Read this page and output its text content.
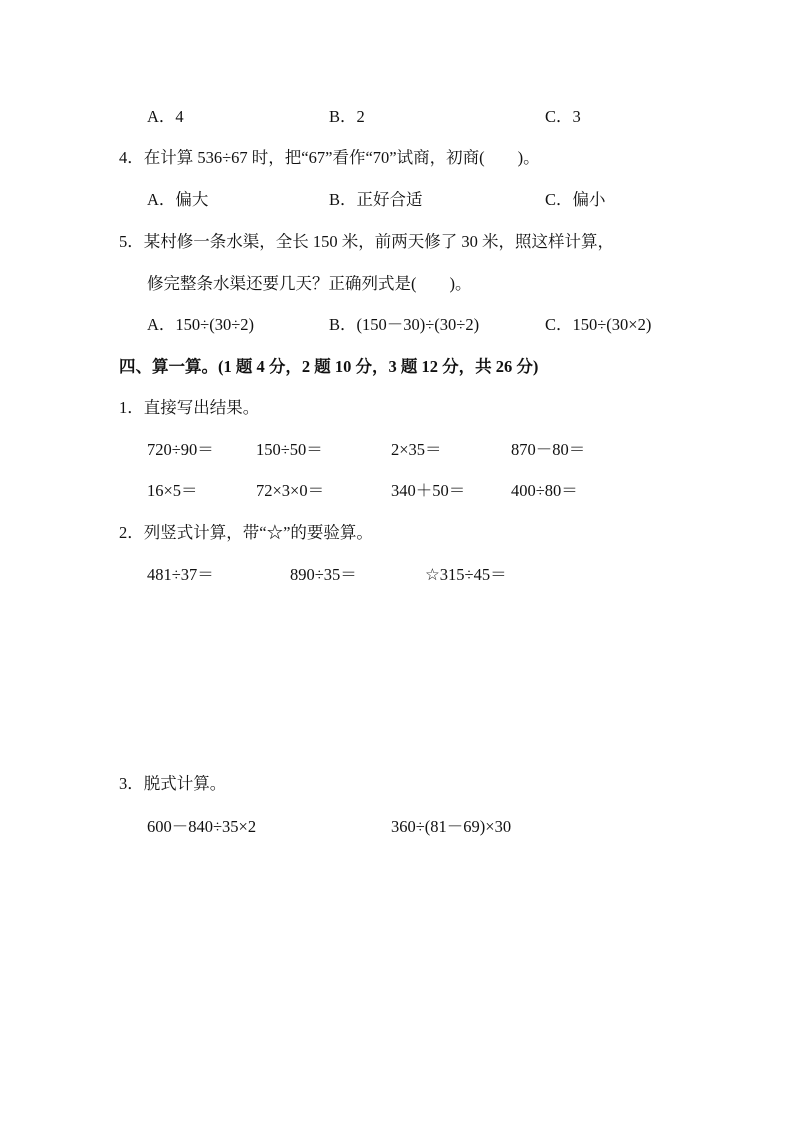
A．4	B．2	C．3
4．在计算 536÷67 时，把“67”看作“70”试商，初商(　　)。
A．偏大	B．正好合适	C．偏小
5．某村修一条水渠，全长 150 米，前两天修了 30 米，照这样计算，
修完整条水渠还要几天？正确列式是(　　)。
A．150÷(30÷2)	B．(150－30)÷(30÷2)	C．150÷(30×2)
四、算一算。(1 题 4 分，2 题 10 分，3 题 12 分，共 26 分)
1．直接写出结果。
720÷90＝	150÷50＝	2×35＝	870－80＝
16×5＝	72×3×0＝	340＋50＝	400÷80＝
2．列竖式计算，带“☆”的要验算。
481÷37＝	890÷35＝	☆315÷45＝
3．脱式计算。
600－840÷35×2	360÷(81－69)×30
